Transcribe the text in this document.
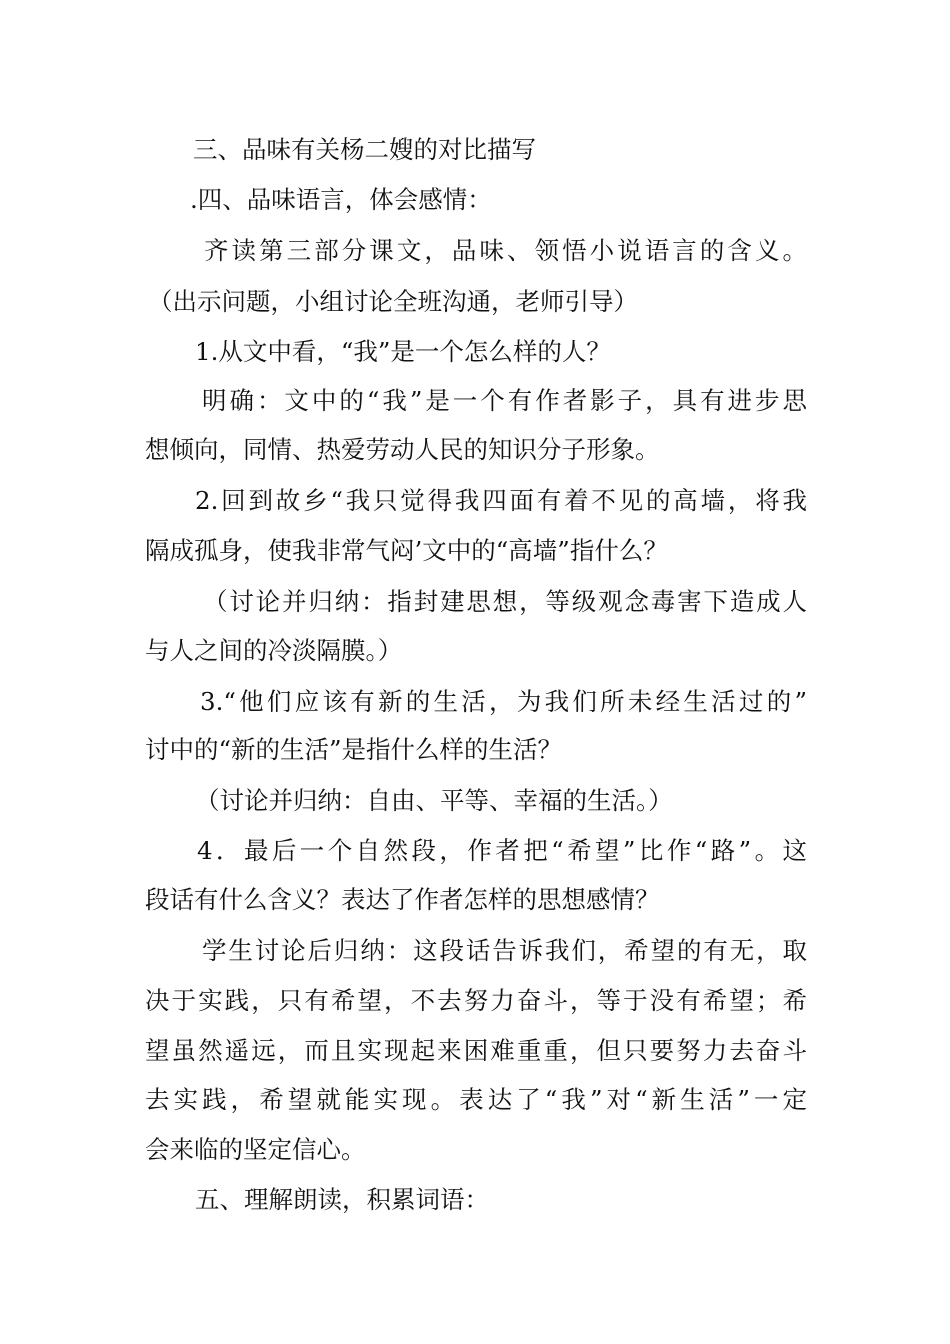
三、品味有关杨二嫂的对比描写
.四、品味语言，体会感情：
齐读第三部分课文，品味、领悟小说语言的含义。
（出示问题，小组讨论全班沟通，老师引导）
1.从文中看，“我”是一个怎么样的人？
明确：文中的“我”是一个有作者影子，具有进步思
想倾向，同情、热爱劳动人民的知识分子形象。
2.回到故乡“我只觉得我四面有着不见的高墙，将我
隔成孤身，使我非常气闷’文中的“高墙”指什么？
（讨论并归纳：指封建思想，等级观念毒害下造成人
与人之间的冷淡隔膜。）
3.“他们应该有新的生活，为我们所未经生活过的”
讨中的“新的生活”是指什么样的生活？
（讨论并归纳：自由、平等、幸福的生活。）
4．最后一个自然段，作者把“希望”比作“路”。这
段话有什么含义？表达了作者怎样的思想感情？
学生讨论后归纳：这段话告诉我们，希望的有无，取
决于实践，只有希望，不去努力奋斗，等于没有希望；希
望虽然遥远，而且实现起来困难重重，但只要努力去奋斗
去实践，希望就能实现。表达了“我”对“新生活”一定
会来临的坚定信心。
五、理解朗读，积累词语：
